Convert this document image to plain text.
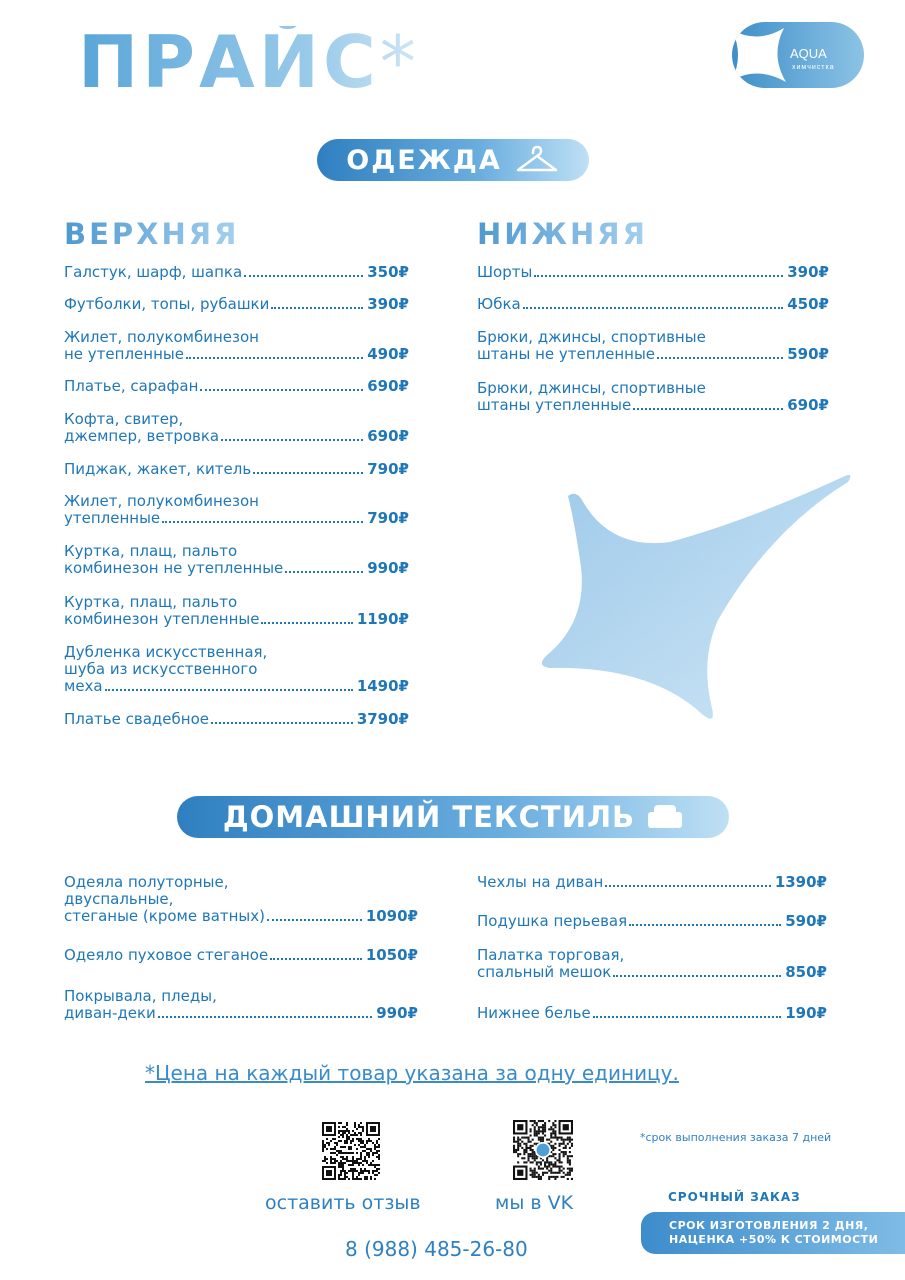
ПРАЙС*	AQUA
химчистка
ОДЕЖДА
ВЕРХНЯЯ	НИЖНЯЯ
Галстук, шарф, шапка	350₽
Футболки, топы, рубашки	390₽
Жилет, полукомбинезон
не утепленные	490₽
Платье, сарафан	690₽
Кофта, свитер,
джемпер, ветровка	690₽
Пиджак, жакет, китель	790₽
Жилет, полукомбинезон
утепленные	790₽
Куртка, плащ, пальто
комбинезон не утепленные	990₽
Куртка, плащ, пальто
комбинезон утепленные	1190₽
Дубленка искусственная,
шуба из искусственного
меха	1490₽
Платье свадебное	3790₽
Шорты	390₽
Юбка	450₽
Брюки, джинсы, спортивные
штаны не утепленные	590₽
Брюки, джинсы, спортивные
штаны утепленные	690₽
ДОМАШНИЙ ТЕКСТИЛЬ
Одеяла полуторные,
двуспальные,
стеганые (кроме ватных)	1090₽
Одеяло пуховое стеганое	1050₽
Покрывала, пледы,
диван-деки	990₽
Чехлы на диван	1390₽
Подушка перьевая	590₽
Палатка торговая,
спальный мешок	850₽
Нижнее белье	190₽
*Цена на каждый товар указана за одну единицу.
оставить отзыв	мы в VK
8 (988) 485-26-80
*срок выполнения заказа 7 дней
СРОЧНЫЙ ЗАКАЗ
СРОК ИЗГОТОВЛЕНИЯ 2 ДНЯ,
НАЦЕНКА +50% К СТОИМОСТИ
